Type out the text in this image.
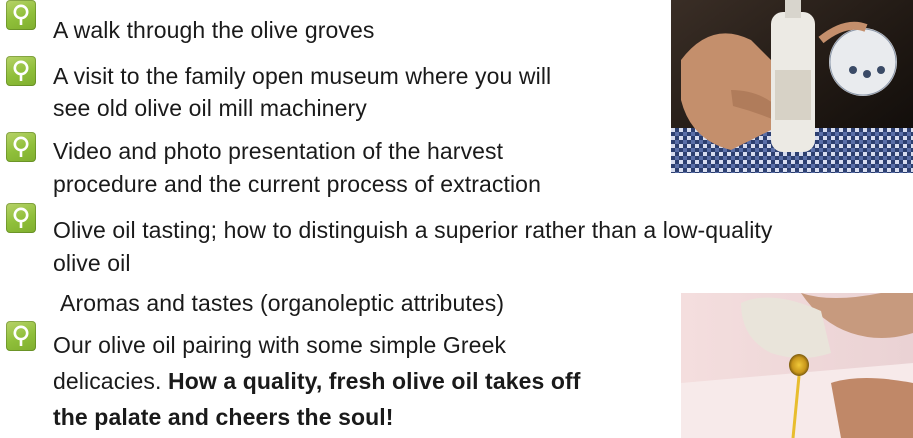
A walk through the olive groves
A visit to the family open museum where you will
see old olive oil mill machinery
Video and photo presentation of the harvest
procedure and the current process of extraction
Olive oil tasting; how to distinguish a superior rather than a low-quality
olive oil
Aromas and tastes (organoleptic attributes)
Our olive oil pairing with some simple Greek
delicacies. How a quality, fresh olive oil takes off
the palate and cheers the soul!
